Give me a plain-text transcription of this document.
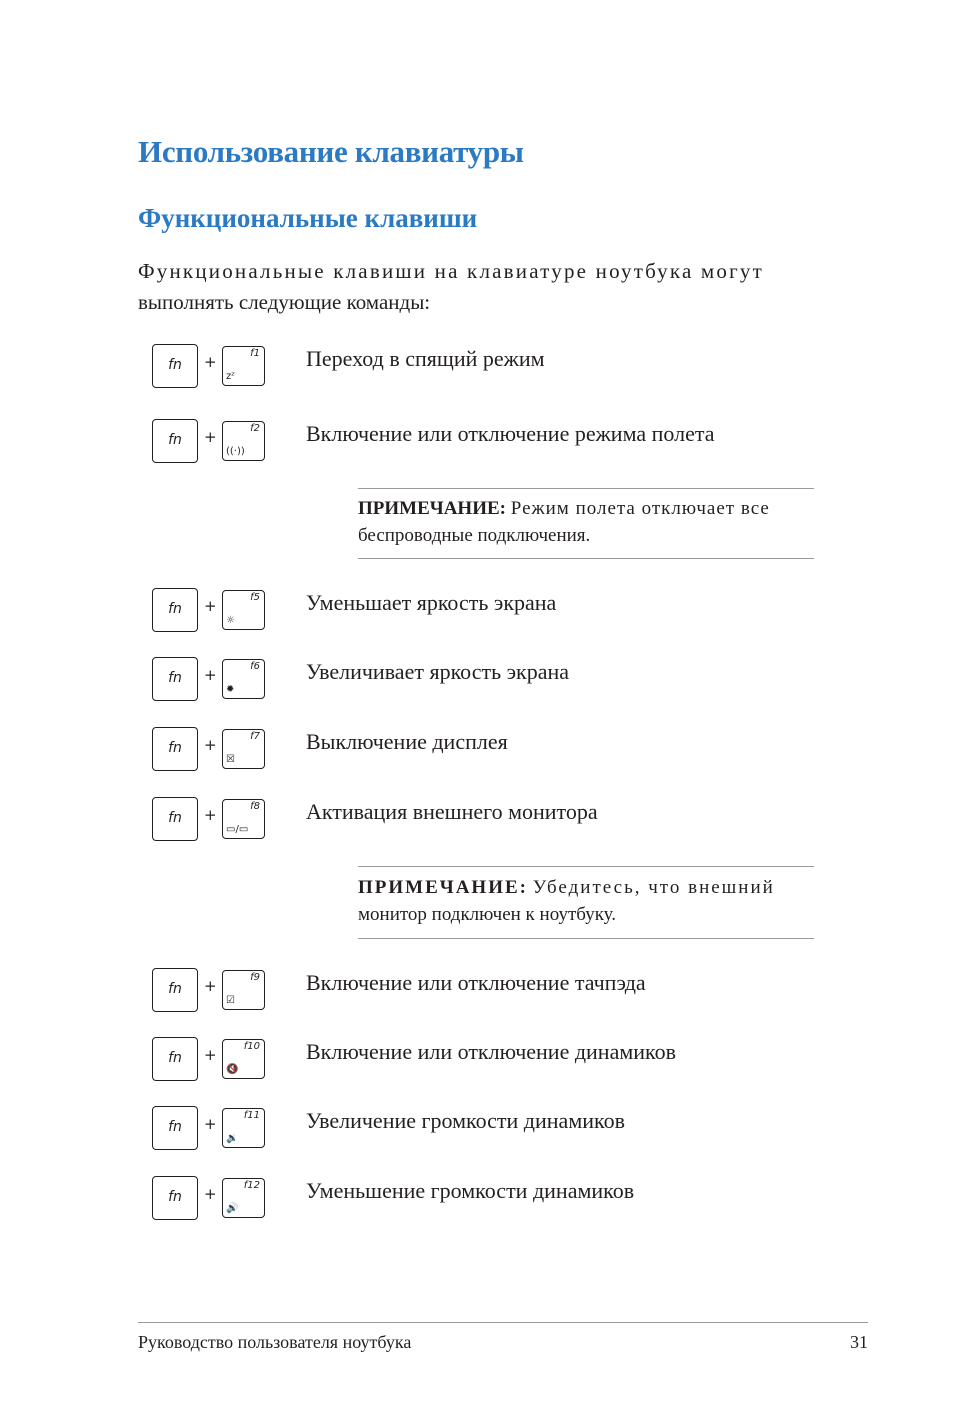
Использование клавиатуры
Функциональные клавиши

Функциональные клавиши на клавиатуре ноутбука могут
выполнять следующие команды:

fn	+	f1
zᶻ
Переход в спящий режим
fn	+	f2
((·))
Включение или отключение режима полета
ПРИМЕЧАНИЕ: Режим полета отключает все
беспроводные подключения.
fn	+	f5
☼
Уменьшает яркость экрана
fn	+	f6
✹
Увеличивает яркость экрана
fn	+	f7
☒
Выключение дисплея
fn	+	f8
▭/▭
Активация внешнего монитора
ПРИМЕЧАНИЕ: Убедитесь, что внешний
монитор подключен к ноутбуку.
fn	+	f9
☑
Включение или отключение тачпэда
fn	+	f10
🔇
Включение или отключение динамиков
fn	+	f11
🔉
Увеличение громкости динамиков
fn	+	f12
🔊
Уменьшение громкости динамиков
Руководство пользователя ноутбука	31
